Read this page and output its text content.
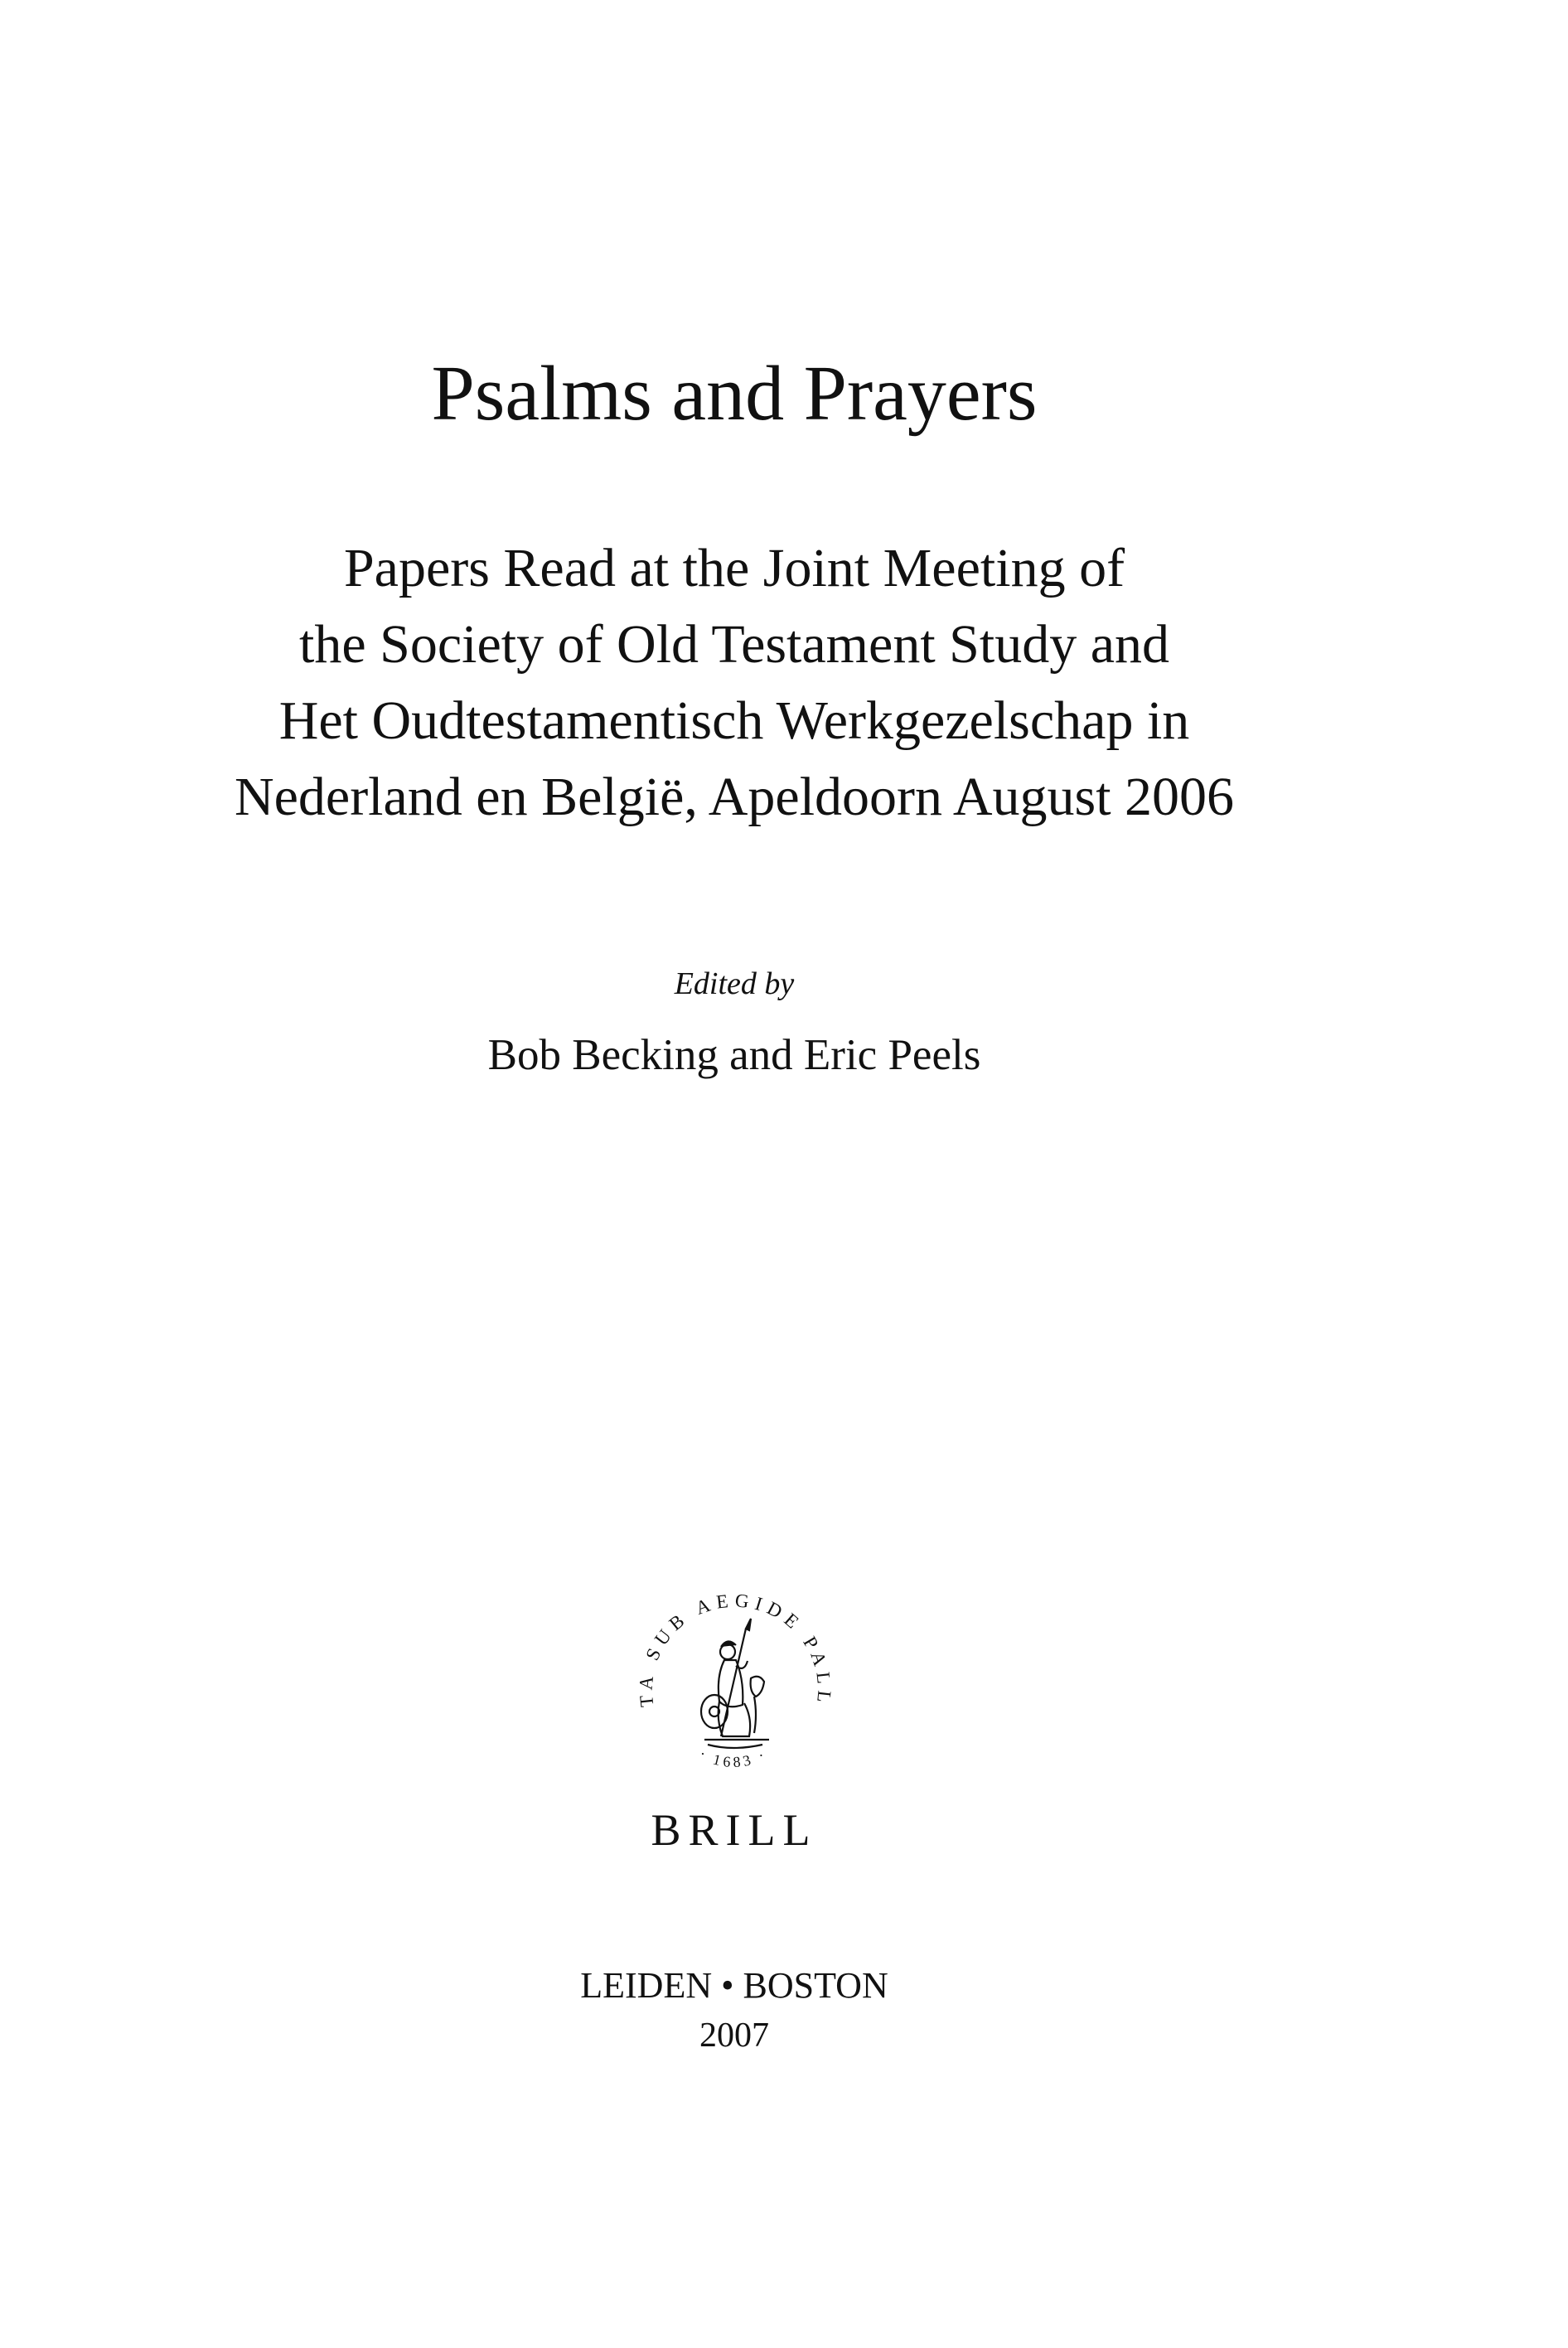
Psalms and Prayers
Papers Read at the Joint Meeting of
the Society of Old Testament Study and
Het Oudtestamentisch Werkgezelschap in
Nederland en België, Apeldoorn August 2006
Edited by
Bob Becking and Eric Peels
TA SUB AEGIDE PALL
· 1683 ·
BRILL
LEIDEN • BOSTON
2007
